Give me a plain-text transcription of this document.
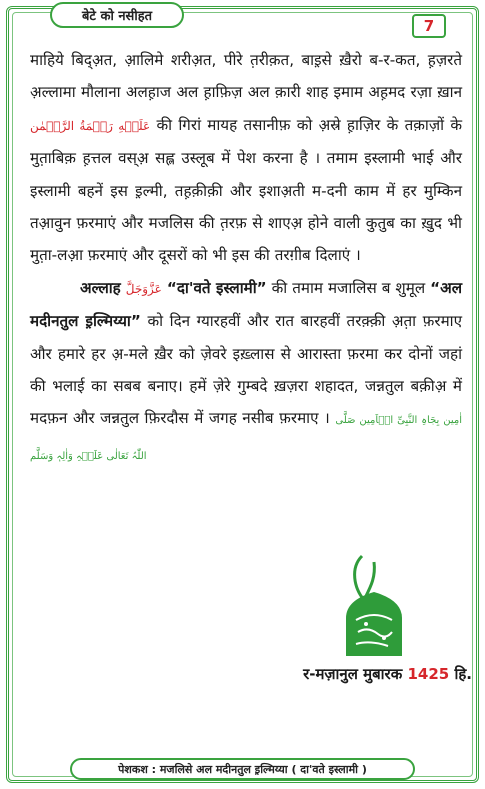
बेटे को नसीहत
7
माहिये बिद्अ़त, आ़लिमे शरीअ़त, पीरे त़रीक़त, बाइ़से ख़ैरो ब-र-कत, ह़ज़रते अ़ल्लामा मौलाना अलह़ाज अल ह़ाफ़िज़ अल क़ारी शाह इमाम अह़मद रज़ा ख़ान عَلَيۡهِ رَحۡمَةُ الرَّحۡمٰن की गिरां मायह तसानीफ़ को अ़स्रे ह़ाज़िर के तक़ाज़ों के मुत़ाबिक़ ह़त्तल वस्अ़ सह्ल उस्लूब में पेश करना है । तमाम इस्लामी भाई और इस्लामी बहनें इस इ़ल्मी, तह़क़ीक़ी और इशाअ़ती म-दनी काम में हर मुम्किन तआ़वुन फ़रमाएं और मजलिस की त़रफ़ से शाएअ़ होने वाली कुतुब का ख़ुद भी मुत़ा-लआ़ फ़रमाएं और दूसरों को भी इस की तरग़ीब दिलाएं ।
अल्लाह عَزَّوَجَلَّ “दा'वते इस्लामी” की तमाम मजालिस ब शुमूल “अल मदीनतुल इ़ल्मिय्या” को दिन ग्यारहवीं और रात बारहवीं तरक़्क़ी अ़त़ा फ़रमाए और हमारे हर अ़-मले ख़ैर को ज़ेवरे इख़्लास से आरास्ता फ़रमा कर दोनों जहां की भलाई का सबब बनाए। हमें ज़ेरे गुम्बदे ख़ज़रा शहादत, जन्नतुल बक़ीअ़ में मदफ़न और जन्नतुल फ़िरदौस में जगह नसीब फ़रमाए । اٰمِين بِجَاہِ النَّبِیِّ الۡاَمِين صَلَّی اللّٰہُ تَعَالٰی عَلَيۡہِ وَاٰلِہٖ وَسَلَّم
र-मज़ानुल मुबारक 1425 हि.
पेशकश : मजलिसे अल मदीनतुल इ़ल्मिय्या ( दा'वते इस्लामी )
